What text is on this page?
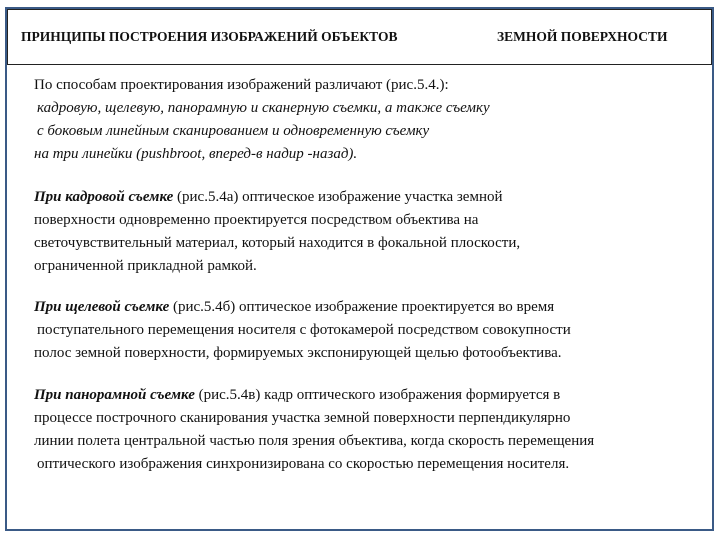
ПРИНЦИПЫ ПОСТРОЕНИЯ ИЗОБРАЖЕНИЙ ОБЪЕКТОВ	ЗЕМНОЙ ПОВЕРХНОСТИ
По способам проектирования изображений различают (рис.5.4.):
кадровую, щелевую, панорамную и сканерную съемки, а также съемку
с боковым линейным сканированием и одновременную съемку
на три линейки (pushbroot, вперед-в надир -назад).
При кадровой съемке (рис.5.4а) оптическое изображение участка земной
поверхности одновременно проектируется посредством объектива на
светочувствительный материал, который находится в фокальной плоскости,
ограниченной прикладной рамкой.
При щелевой съемке (рис.5.4б) оптическое изображение проектируется во время
поступательного перемещения носителя с фотокамерой посредством совокупности
полос земной поверхности, формируемых экспонирующей щелью фотообъектива.
При панорамной съемке (рис.5.4в) кадр оптического изображения формируется в
процессе построчного сканирования участка земной поверхности перпендикулярно
линии полета центральной частью поля зрения объектива, когда скорость перемещения
оптического изображения синхронизирована со скоростью перемещения носителя.
